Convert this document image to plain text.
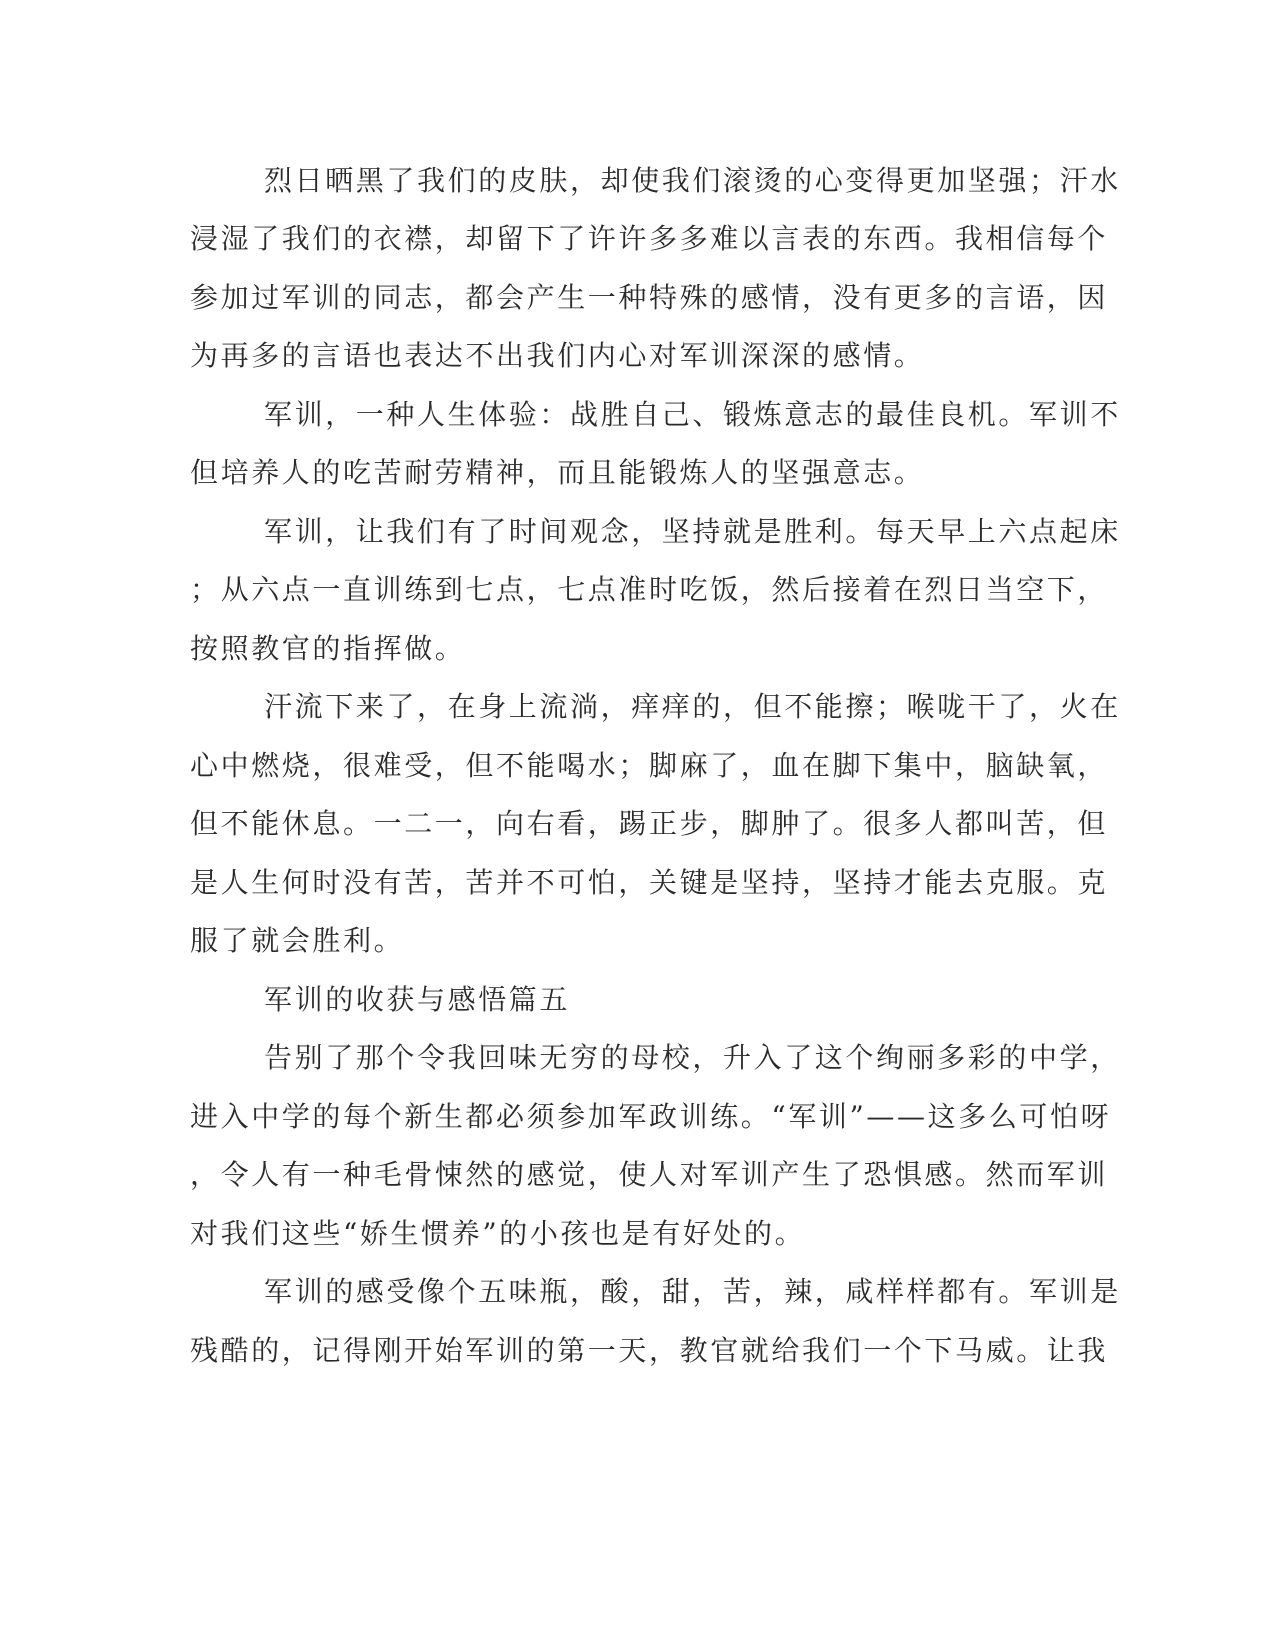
烈日晒黑了我们的皮肤，却使我们滚烫的心变得更加坚强；汗水
浸湿了我们的衣襟，却留下了许许多多难以言表的东西。我相信每个
参加过军训的同志，都会产生一种特殊的感情，没有更多的言语，因
为再多的言语也表达不出我们内心对军训深深的感情。
军训，一种人生体验：战胜自己、锻炼意志的最佳良机。军训不
但培养人的吃苦耐劳精神，而且能锻炼人的坚强意志。
军训，让我们有了时间观念，坚持就是胜利。每天早上六点起床
；从六点一直训练到七点，七点准时吃饭，然后接着在烈日当空下，
按照教官的指挥做。
汗流下来了，在身上流淌，痒痒的，但不能擦；喉咙干了，火在
心中燃烧，很难受，但不能喝水；脚麻了，血在脚下集中，脑缺氧，
但不能休息。一二一，向右看，踢正步，脚肿了。很多人都叫苦，但
是人生何时没有苦，苦并不可怕，关键是坚持，坚持才能去克服。克
服了就会胜利。
军训的收获与感悟篇五
告别了那个令我回味无穷的母校，升入了这个绚丽多彩的中学，
进入中学的每个新生都必须参加军政训练。“军训”——这多么可怕呀
，令人有一种毛骨悚然的感觉，使人对军训产生了恐惧感。然而军训
对我们这些“娇生惯养”的小孩也是有好处的。
军训的感受像个五味瓶，酸，甜，苦，辣，咸样样都有。军训是
残酷的，记得刚开始军训的第一天，教官就给我们一个下马威。让我
